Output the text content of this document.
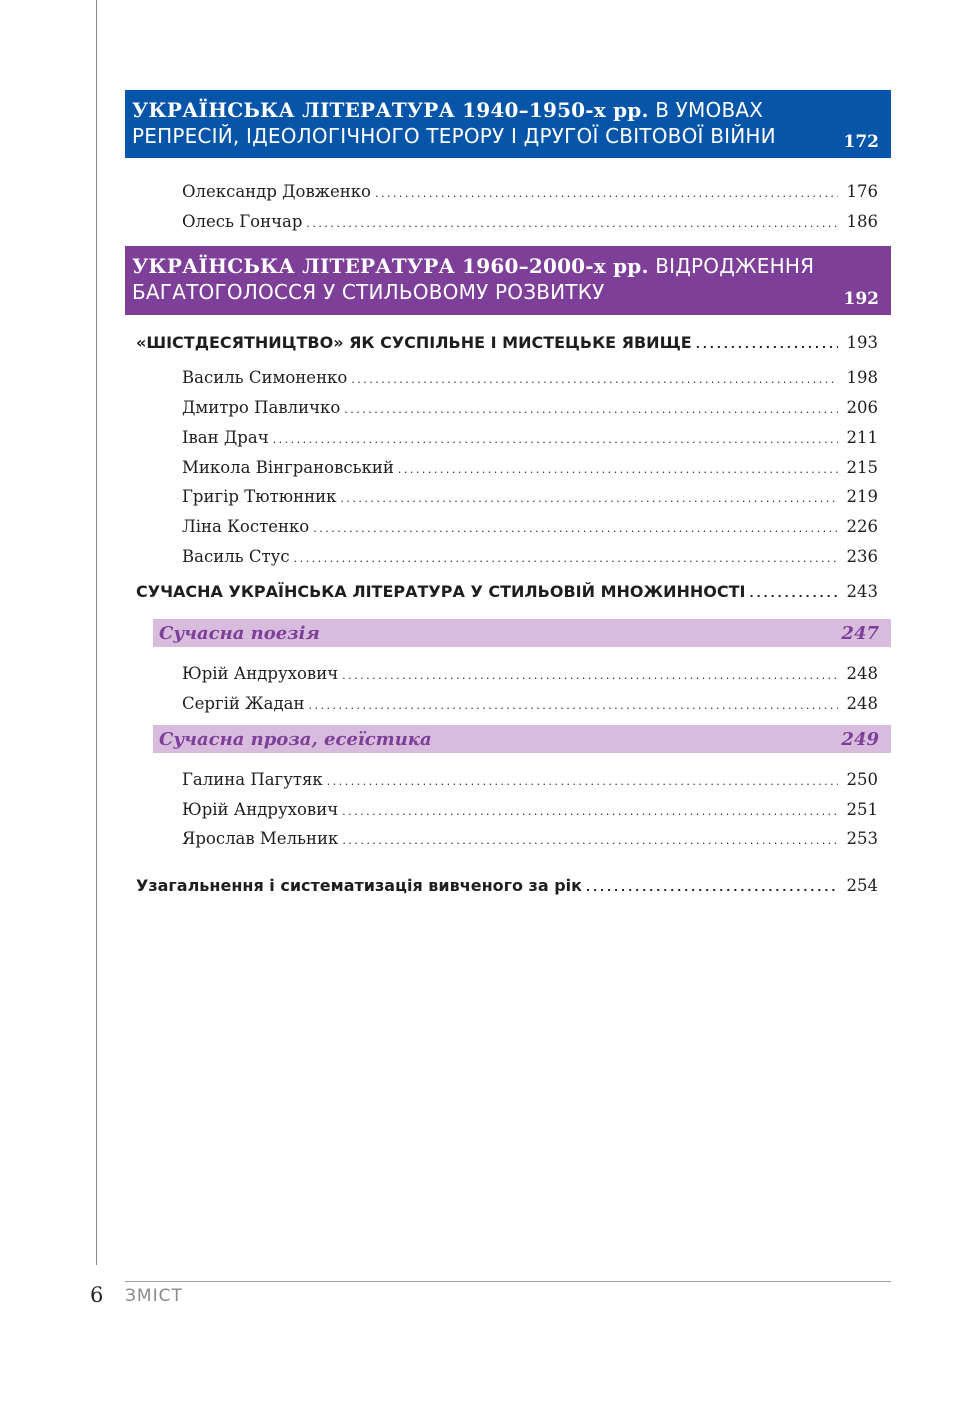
УКРАЇНСЬКА ЛІТЕРАТУРА 1940–1950-х рр. В УМОВАХ
РЕПРЕСІЙ, ІДЕОЛОГІЧНОГО ТЕРОРУ І ДРУГОЇ СВІТОВОЇ ВІЙНИ	172
Олександр Довженко . . .	176
Олесь Гончар . . .	186
УКРАЇНСЬКА ЛІТЕРАТУРА 1960–2000-х рр. ВІДРОДЖЕННЯ
БАГАТОГОЛОССЯ У СТИЛЬОВОМУ РОЗВИТКУ	192
«ШІСТДЕСЯТНИЦТВО» ЯК СУСПІЛЬНЕ І МИСТЕЦЬКЕ ЯВИЩЕ . . .	193
Василь Симоненко . . .	198
Дмитро Павличко . . .	206
Іван Драч . . .	211
Микола Вінграновський . . .	215
Григір Тютюнник . . .	219
Ліна Костенко . . .	226
Василь Стус . . .	236
СУЧАСНА УКРАЇНСЬКА ЛІТЕРАТУРА У СТИЛЬОВІЙ МНОЖИННОСТІ . . .	243
Сучасна поезія	247
Юрій Андрухович . . .	248
Сергій Жадан . . .	248
Сучасна проза, есеїстика	249
Галина Пагутяк . . .	250
Юрій Андрухович . . .	251
Ярослав Мельник . . .	253
Узагальнення і систематизація вивченого за рік . . .	254
6 ЗМІСТ
